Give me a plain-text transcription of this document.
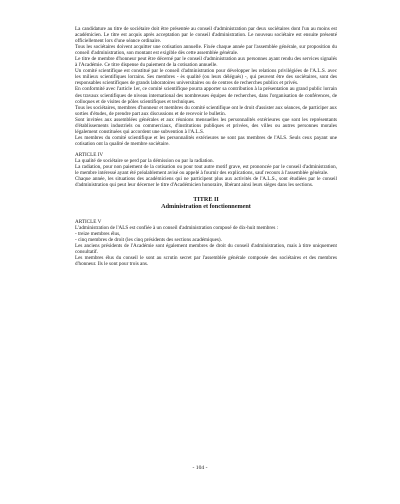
La candidature au titre de sociétaire doit être présentée au conseil d'administration par deux sociétaires dont l'un au moins est académicien. Le titre est acquis après acceptation par le conseil d'administration. Le nouveau sociétaire est ensuite présenté officiellement lors d'une séance ordinaire.

Tous les sociétaires doivent acquitter une cotisation annuelle. Fixée chaque année par l'assemblée générale, sur proposition du conseil d'administration, son montant est exigible dès cette assemblée générale.

Le titre de membre d'honneur peut être décerné par le conseil d'administration aux personnes ayant rendu des services signalés à l'Académie. Ce titre dispense du paiement de la cotisation annuelle.

Un comité scientifique est constitué par le conseil d'administration pour développer les relations privilégiées de l'A.L.S. avec les milieux scientifiques lorrains. Ses membres - ès qualité (ou leurs délégués) -, qui peuvent être des sociétaires, sont des responsables scientifiques de grands laboratoires universitaires ou de centres de recherches publics et privés.

En conformité avec l'article 1er, ce comité scientifique pourra apporter sa contribution à la présentation au grand public lorrain des travaux scientifiques de niveau international des nombreuses équipes de recherches, dans l'organisation de conférences, de colloques et de visites de pôles scientifiques et techniques.

Tous les sociétaires, membres d'honneur et membres du comité scientifique ont le droit d'assister aux séances, de participer aux sorties d'études, de prendre part aux discussions et de recevoir le bulletin.

Sont invitées aux assemblées générales et aux réunions mensuelles les personnalités extérieures que sont les représentants d'établissements industriels ou commerciaux, d'institutions publiques et privées, des villes ou autres personnes morales légalement constituées qui accordent une subvention à l'A.L.S.

Les membres du comité scientifique et les personnalités extérieures ne sont pas membres de l'ALS. Seuls ceux payant une cotisation ont la qualité de membre sociétaire.

ARTICLE IV

La qualité de sociétaire se perd par la démission ou par la radiation.

La radiation, pour non paiement de la cotisation ou pour tout autre motif grave, est prononcée par le conseil d'administration, le membre intéressé ayant été préalablement avisé ou appelé à fournir des explications, sauf recours à l'assemblée générale.

Chaque année, les situations des académiciens qui ne participent plus aux activités de l'A.L.S., sont étudiées par le conseil d'administration qui peut leur décerner le titre d'Académicien honoraire, libérant ainsi leurs sièges dans les sections.

TITRE II

Administration et fonctionnement

ARTICLE V

L'administration de l'ALS est confiée à un conseil d'administration composé de dix-huit membres :

- treize membres élus,

- cinq membres de droit (les cinq présidents des sections académiques).

Les anciens présidents de l'Académie sont également membres de droit du conseil d'administration, mais à titre uniquement consultatif.

Les membres élus du conseil le sont au scrutin secret par l'assemblée générale composée des sociétaires et des membres d'honneur. Ils le sont pour trois ans.

- 104 -
